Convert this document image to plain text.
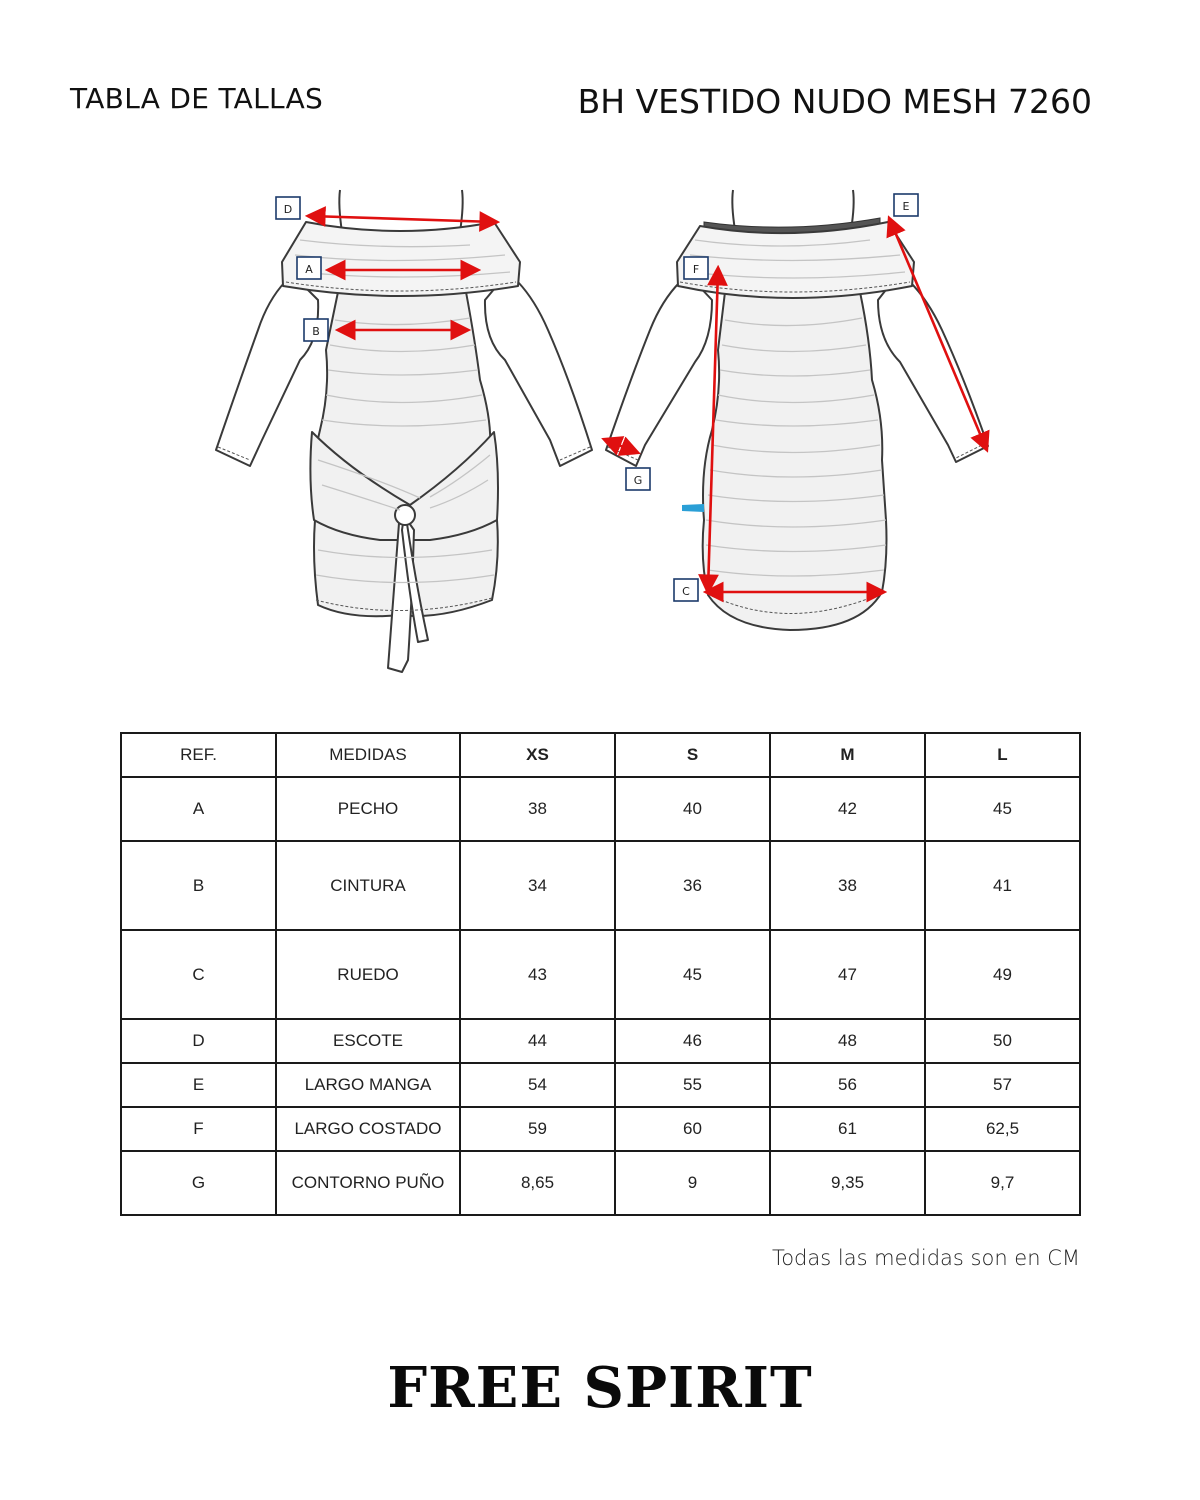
TABLA DE TALLAS	BH VESTIDO NUDO MESH 7260
D
A
B
E
F
G
C
REF.	MEDIDAS	XS	S	M	L
A	PECHO	38	40	42	45
B	CINTURA	34	36	38	41
C	RUEDO	43	45	47	49
D	ESCOTE	44	46	48	50
E	LARGO MANGA	54	55	56	57
F	LARGO COSTADO	59	60	61	62,5
G	CONTORNO PUÑO	8,65	9	9,35	9,7
Todas las medidas son en CM
FREE SPIRIT
